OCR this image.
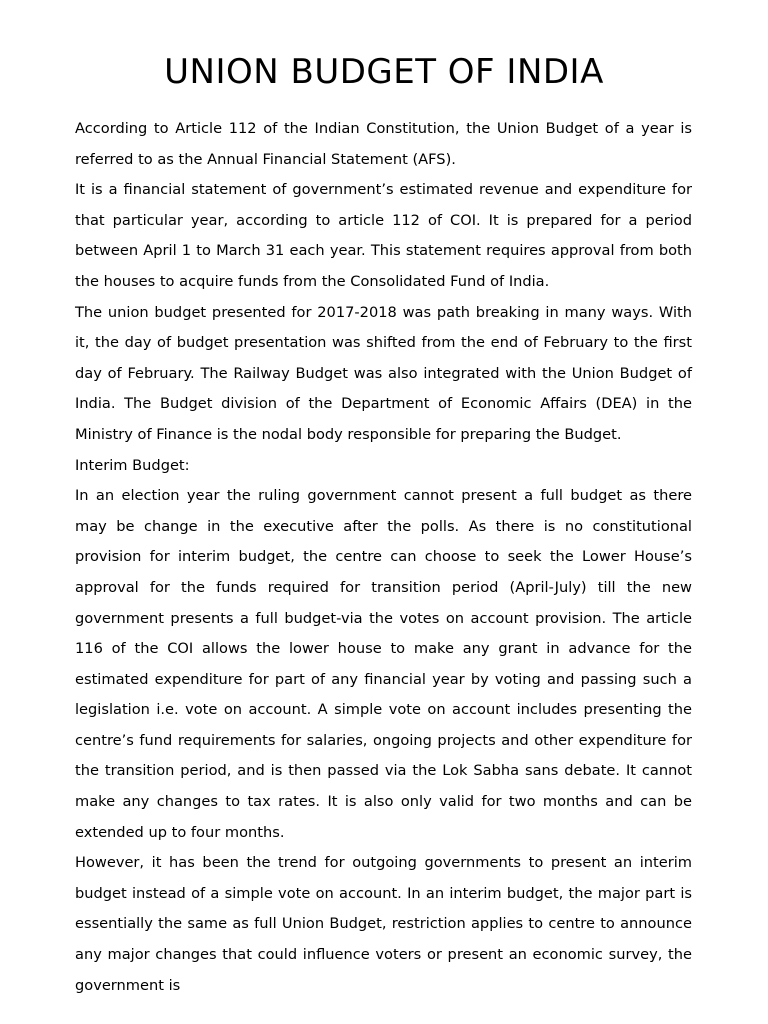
UNION BUDGET OF INDIA

According to Article 112 of the Indian Constitution, the Union Budget of a year is referred to as the Annual Financial Statement (AFS).

It is a financial statement of government’s estimated revenue and expenditure for that particular year, according to article 112 of COI. It is prepared for a period between April 1 to March 31 each year. This statement requires approval from both the houses to acquire funds from the Consolidated Fund of India.

The union budget presented for 2017-2018 was path breaking in many ways. With it, the day of budget presentation was shifted from the end of February to the first day of February. The Railway Budget was also integrated with the Union Budget of India. The Budget division of the Department of Economic Affairs (DEA) in the Ministry of Finance is the nodal body responsible for preparing the Budget.

Interim Budget:

In an election year the ruling government cannot present a full budget as there may be change in the executive after the polls. As there is no constitutional provision for interim budget, the centre can choose to seek the Lower House’s approval for the funds required for transition period (April-July) till the new government presents a full budget-via the votes on account provision. The article 116 of the COI allows the lower house to make any grant in advance for the estimated expenditure for part of any financial year by voting and passing such a legislation i.e. vote on account. A simple vote on account includes presenting the centre’s fund requirements for salaries, ongoing projects and other expenditure for the transition period, and is then passed via the Lok Sabha sans debate. It cannot make any changes to tax rates. It is also only valid for two months and can be extended up to four months.

However, it has been the trend for outgoing governments to present an interim budget instead of a simple vote on account. In an interim budget, the major part is essentially the same as full Union Budget, restriction applies to centre to announce any major changes that could influence voters or present an economic survey, the government is
